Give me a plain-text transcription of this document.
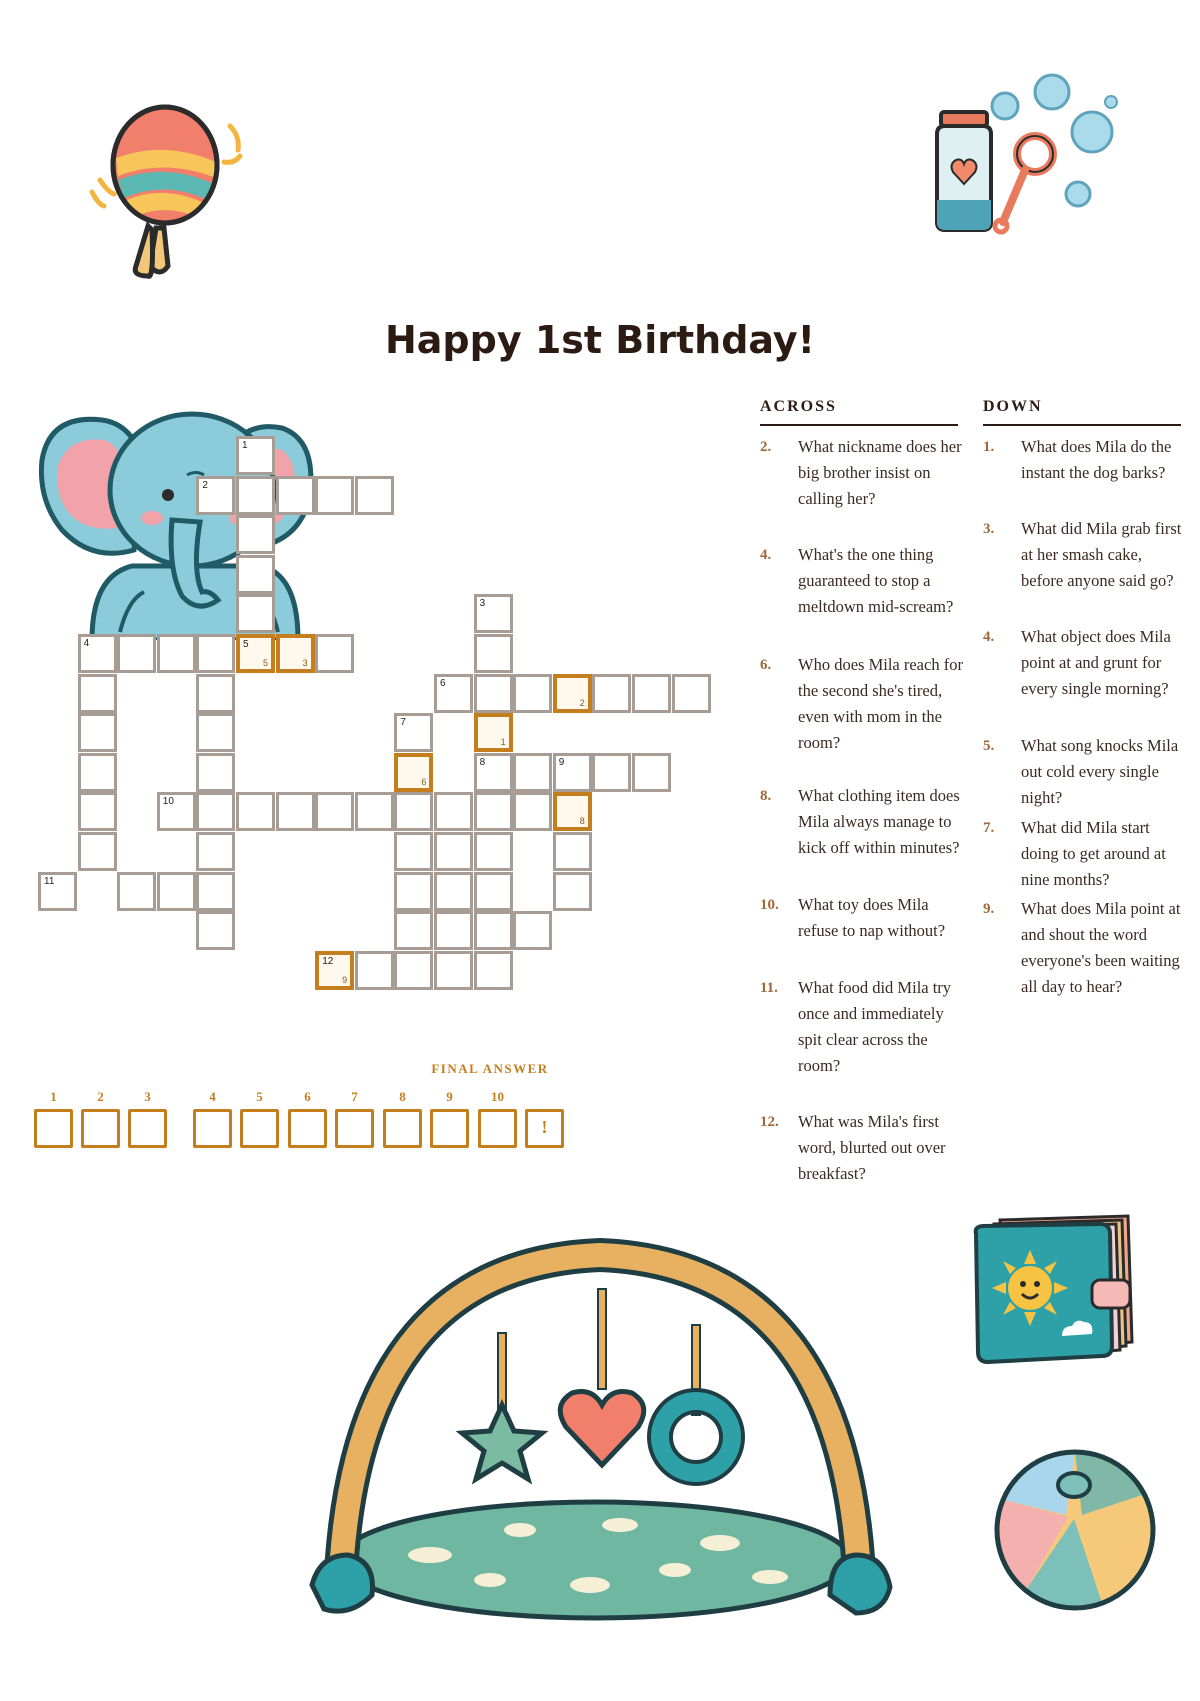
Happy 1st Birthday!
1
5
5
2
3
1
8
4
3
6
2
7
6
9
8
10
11
12
9
ACROSS	DOWN
2. What nickname does her big brother insist on calling her?
4. What's the one thing guaranteed to stop a meltdown mid-scream?
6. Who does Mila reach for the second she's tired, even with mom in the room?
8. What clothing item does Mila always manage to kick off within minutes?
10. What toy does Mila refuse to nap without?
11. What food did Mila try once and immediately spit clear across the room?
12. What was Mila's first word, blurted out over breakfast?
1. What does Mila do the instant the dog barks?
3. What did Mila grab first at her smash cake, before anyone said go?
4. What object does Mila point at and grunt for every single morning?
5. What song knocks Mila out cold every single night?
7. What did Mila start doing to get around at nine months?
9. What does Mila point at and shout the word everyone's been waiting all day to hear?
FINAL ANSWER
1	2	3	4	5	6	7	8	9	10
!
